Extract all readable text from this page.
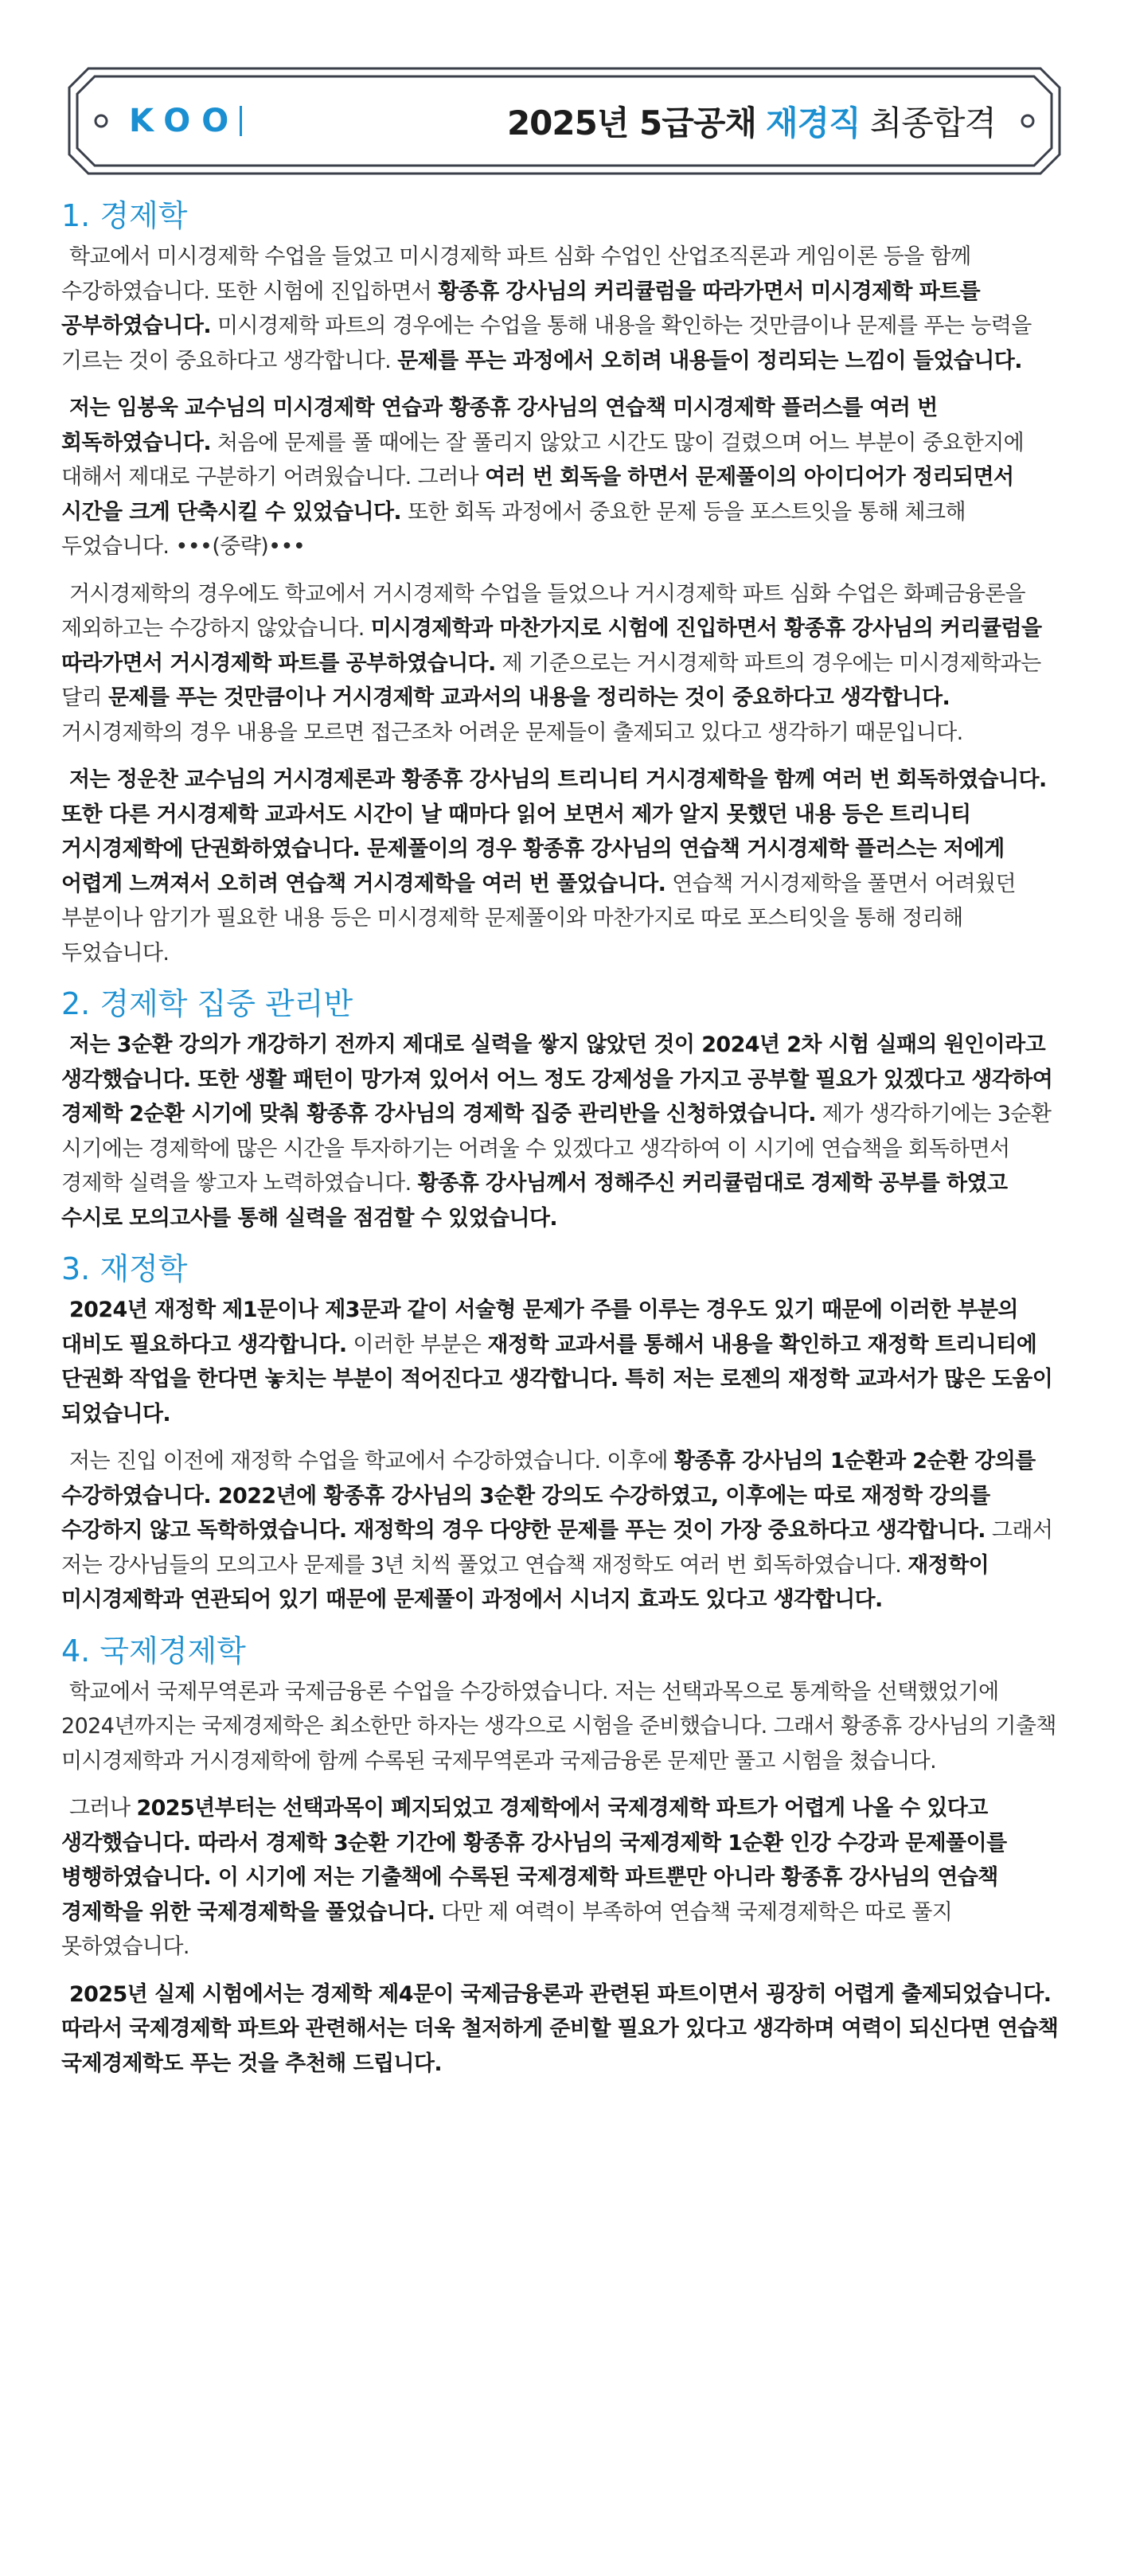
KOO	2025년 5급공채 재경직 최종합격
1. 경제학

학교에서 미시경제학 수업을 들었고 미시경제학 파트 심화 수업인 산업조직론과 게임이론 등을 함께 수강하였습니다. 또한 시험에 진입하면서 황종휴 강사님의 커리큘럼을 따라가면서 미시경제학 파트를 공부하였습니다. 미시경제학 파트의 경우에는 수업을 통해 내용을 확인하는 것만큼이나 문제를 푸는 능력을 기르는 것이 중요하다고 생각합니다. 문제를 푸는 과정에서 오히려 내용들이 정리되는 느낌이 들었습니다.

저는 임봉욱 교수님의 미시경제학 연습과 황종휴 강사님의 연습책 미시경제학 플러스를 여러 번 회독하였습니다. 처음에 문제를 풀 때에는 잘 풀리지 않았고 시간도 많이 걸렸으며 어느 부분이 중요한지에 대해서 제대로 구분하기 어려웠습니다. 그러나 여러 번 회독을 하면서 문제풀이의 아이디어가 정리되면서 시간을 크게 단축시킬 수 있었습니다. 또한 회독 과정에서 중요한 문제 등을 포스트잇을 통해 체크해 두었습니다. •••(중략)•••

거시경제학의 경우에도 학교에서 거시경제학 수업을 들었으나 거시경제학 파트 심화 수업은 화폐금융론을 제외하고는 수강하지 않았습니다. 미시경제학과 마찬가지로 시험에 진입하면서 황종휴 강사님의 커리큘럼을 따라가면서 거시경제학 파트를 공부하였습니다. 제 기준으로는 거시경제학 파트의 경우에는 미시경제학과는 달리 문제를 푸는 것만큼이나 거시경제학 교과서의 내용을 정리하는 것이 중요하다고 생각합니다. 거시경제학의 경우 내용을 모르면 접근조차 어려운 문제들이 출제되고 있다고 생각하기 때문입니다.

저는 정운찬 교수님의 거시경제론과 황종휴 강사님의 트리니티 거시경제학을 함께 여러 번 회독하였습니다. 또한 다른 거시경제학 교과서도 시간이 날 때마다 읽어 보면서 제가 알지 못했던 내용 등은 트리니티 거시경제학에 단권화하였습니다. 문제풀이의 경우 황종휴 강사님의 연습책 거시경제학 플러스는 저에게 어렵게 느껴져서 오히려 연습책 거시경제학을 여러 번 풀었습니다. 연습책 거시경제학을 풀면서 어려웠던 부분이나 암기가 필요한 내용 등은 미시경제학 문제풀이와 마찬가지로 따로 포스티잇을 통해 정리해 두었습니다.

2. 경제학 집중 관리반

저는 3순환 강의가 개강하기 전까지 제대로 실력을 쌓지 않았던 것이 2024년 2차 시험 실패의 원인이라고 생각했습니다. 또한 생활 패턴이 망가져 있어서 어느 정도 강제성을 가지고 공부할 필요가 있겠다고 생각하여 경제학 2순환 시기에 맞춰 황종휴 강사님의 경제학 집중 관리반을 신청하였습니다. 제가 생각하기에는 3순환 시기에는 경제학에 많은 시간을 투자하기는 어려울 수 있겠다고 생각하여 이 시기에 연습책을 회독하면서 경제학 실력을 쌓고자 노력하였습니다. 황종휴 강사님께서 정해주신 커리큘럼대로 경제학 공부를 하였고 수시로 모의고사를 통해 실력을 점검할 수 있었습니다.

3. 재정학

2024년 재정학 제1문이나 제3문과 같이 서술형 문제가 주를 이루는 경우도 있기 때문에 이러한 부분의 대비도 필요하다고 생각합니다. 이러한 부분은 재정학 교과서를 통해서 내용을 확인하고 재정학 트리니티에 단권화 작업을 한다면 놓치는 부분이 적어진다고 생각합니다. 특히 저는 로젠의 재정학 교과서가 많은 도움이 되었습니다.

저는 진입 이전에 재정학 수업을 학교에서 수강하였습니다. 이후에 황종휴 강사님의 1순환과 2순환 강의를 수강하였습니다. 2022년에 황종휴 강사님의 3순환 강의도 수강하였고, 이후에는 따로 재정학 강의를 수강하지 않고 독학하였습니다. 재정학의 경우 다양한 문제를 푸는 것이 가장 중요하다고 생각합니다. 그래서 저는 강사님들의 모의고사 문제를 3년 치씩 풀었고 연습책 재정학도 여러 번 회독하였습니다. 재정학이 미시경제학과 연관되어 있기 때문에 문제풀이 과정에서 시너지 효과도 있다고 생각합니다.

4. 국제경제학

학교에서 국제무역론과 국제금융론 수업을 수강하였습니다. 저는 선택과목으로 통계학을 선택했었기에 2024년까지는 국제경제학은 최소한만 하자는 생각으로 시험을 준비했습니다. 그래서 황종휴 강사님의 기출책 미시경제학과 거시경제학에 함께 수록된 국제무역론과 국제금융론 문제만 풀고 시험을 쳤습니다.

그러나 2025년부터는 선택과목이 폐지되었고 경제학에서 국제경제학 파트가 어렵게 나올 수 있다고 생각했습니다. 따라서 경제학 3순환 기간에 황종휴 강사님의 국제경제학 1순환 인강 수강과 문제풀이를 병행하였습니다. 이 시기에 저는 기출책에 수록된 국제경제학 파트뿐만 아니라 황종휴 강사님의 연습책 경제학을 위한 국제경제학을 풀었습니다. 다만 제 여력이 부족하여 연습책 국제경제학은 따로 풀지 못하였습니다.

2025년 실제 시험에서는 경제학 제4문이 국제금융론과 관련된 파트이면서 굉장히 어렵게 출제되었습니다. 따라서 국제경제학 파트와 관련해서는 더욱 철저하게 준비할 필요가 있다고 생각하며 여력이 되신다면 연습책 국제경제학도 푸는 것을 추천해 드립니다.
